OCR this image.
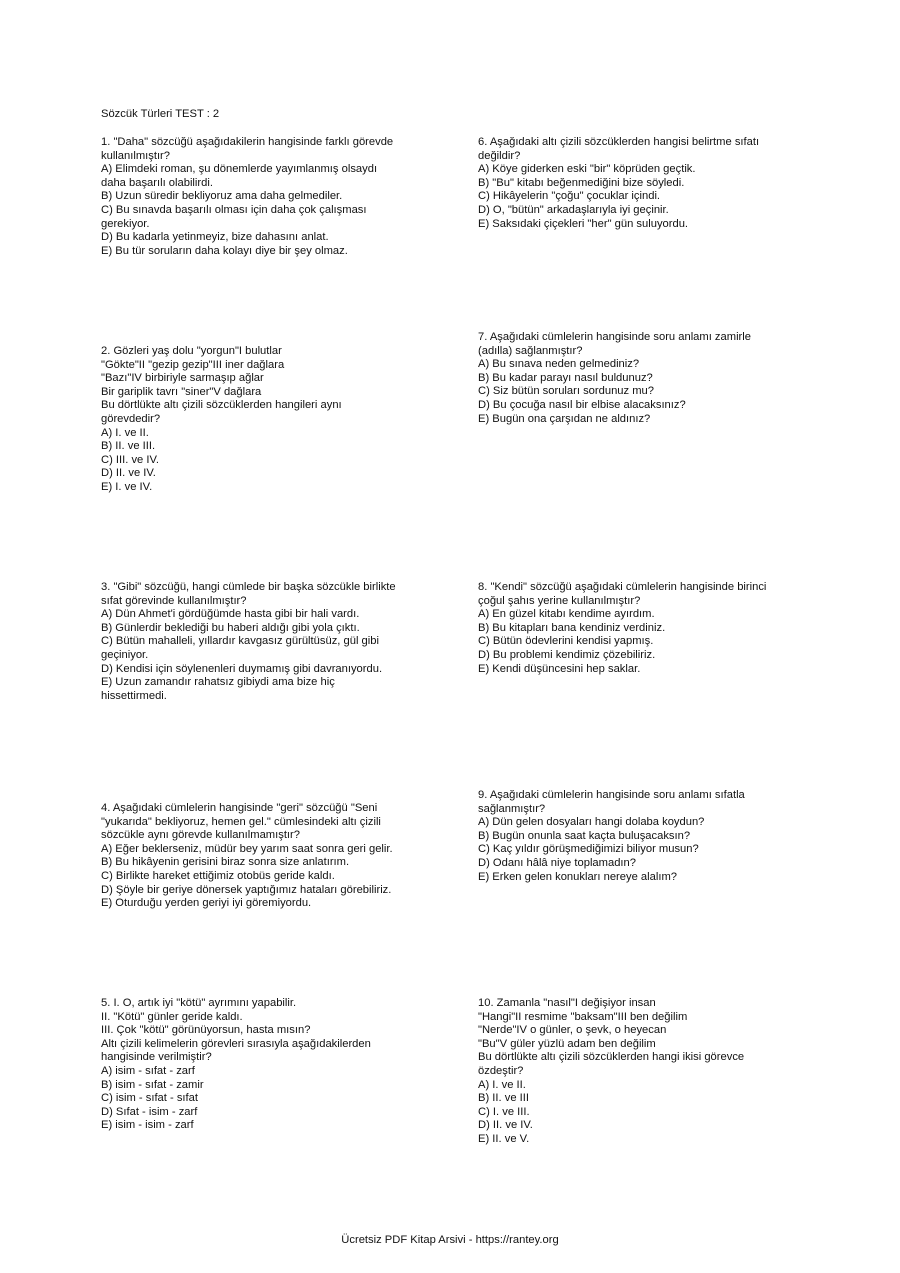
Sözcük Türleri TEST : 2
1. "Daha" sözcüğü aşağıdakilerin hangisinde farklı görevde
kullanılmıştır?
A) Elimdeki roman, şu dönemlerde yayımlanmış olsaydı
daha başarılı olabilirdi.
B) Uzun süredir bekliyoruz ama daha gelmediler.
C) Bu sınavda başarılı olması için daha çok çalışması
gerekiyor.
D) Bu kadarla yetinmeyiz, bize dahasını anlat.
E) Bu tür soruların daha kolayı diye bir şey olmaz.
2. Gözleri yaş dolu "yorgun"I bulutlar
"Gökte"II "gezip gezip"III iner dağlara
"Bazı"IV birbiriyle sarmaşıp ağlar
Bir gariplik tavrı "siner"V dağlara
Bu dörtlükte altı çizili sözcüklerden hangileri aynı
görevdedir?
A) I. ve II.
B) II. ve III.
C) III. ve IV.
D) II. ve IV.
E) I. ve IV.
3. "Gibi" sözcüğü, hangi cümlede bir başka sözcükle birlikte
sıfat görevinde kullanılmıştır?
A) Dün Ahmet'i gördüğümde hasta gibi bir hali vardı.
B) Günlerdir beklediği bu haberi aldığı gibi yola çıktı.
C) Bütün mahalleli, yıllardır kavgasız gürültüsüz, gül gibi
geçiniyor.
D) Kendisi için söylenenleri duymamış gibi davranıyordu.
E) Uzun zamandır rahatsız gibiydi ama bize hiç
hissettirmedi.
4. Aşağıdaki cümlelerin hangisinde "geri" sözcüğü "Seni
"yukarıda" bekliyoruz, hemen gel." cümlesindeki altı çizili
sözcükle aynı görevde kullanılmamıştır?
A) Eğer beklerseniz, müdür bey yarım saat sonra geri gelir.
B) Bu hikâyenin gerisini biraz sonra size anlatırım.
C) Birlikte hareket ettiğimiz otobüs geride kaldı.
D) Şöyle bir geriye dönersek yaptığımız hataları görebiliriz.
E) Oturduğu yerden geriyi iyi göremiyordu.
5. I. O, artık iyi "kötü" ayrımını yapabilir.
II. "Kötü" günler geride kaldı.
III. Çok "kötü" görünüyorsun, hasta mısın?
Altı çizili kelimelerin görevleri sırasıyla aşağıdakilerden
hangisinde verilmiştir?
A) isim - sıfat - zarf
B) isim - sıfat - zamir
C) isim - sıfat - sıfat
D) Sıfat - isim - zarf
E) isim - isim - zarf
6. Aşağıdaki altı çizili sözcüklerden hangisi belirtme sıfatı
değildir?
A) Köye giderken eski "bir" köprüden geçtik.
B) "Bu" kitabı beğenmediğini bize söyledi.
C) Hikâyelerin "çoğu" çocuklar içindi.
D) O, "bütün" arkadaşlarıyla iyi geçinir.
E) Saksıdaki çiçekleri "her" gün suluyordu.
7. Aşağıdaki cümlelerin hangisinde soru anlamı zamirle
(adılla) sağlanmıştır?
A) Bu sınava neden gelmediniz?
B) Bu kadar parayı nasıl buldunuz?
C) Siz bütün soruları sordunuz mu?
D) Bu çocuğa nasıl bir elbise alacaksınız?
E) Bugün ona çarşıdan ne aldınız?
8. "Kendi" sözcüğü aşağıdaki cümlelerin hangisinde birinci
çoğul şahıs yerine kullanılmıştır?
A) En güzel kitabı kendime ayırdım.
B) Bu kitapları bana kendiniz verdiniz.
C) Bütün ödevlerini kendisi yapmış.
D) Bu problemi kendimiz çözebiliriz.
E) Kendi düşüncesini hep saklar.
9. Aşağıdaki cümlelerin hangisinde soru anlamı sıfatla
sağlanmıştır?
A) Dün gelen dosyaları hangi dolaba koydun?
B) Bugün onunla saat kaçta buluşacaksın?
C) Kaç yıldır görüşmediğimizi biliyor musun?
D) Odanı hâlâ niye toplamadın?
E) Erken gelen konukları nereye alalım?
10. Zamanla "nasıl"I değişiyor insan
"Hangi"II resmime "baksam"III ben değilim
"Nerde"IV o günler, o şevk, o heyecan
"Bu"V güler yüzlü adam ben değilim
Bu dörtlükte altı çizili sözcüklerden hangi ikisi görevce
özdeştir?
A) I. ve II.
B) II. ve III
C) I. ve III.
D) II. ve IV.
E) II. ve V.
Ücretsiz PDF Kitap Arsivi - https://rantey.org
